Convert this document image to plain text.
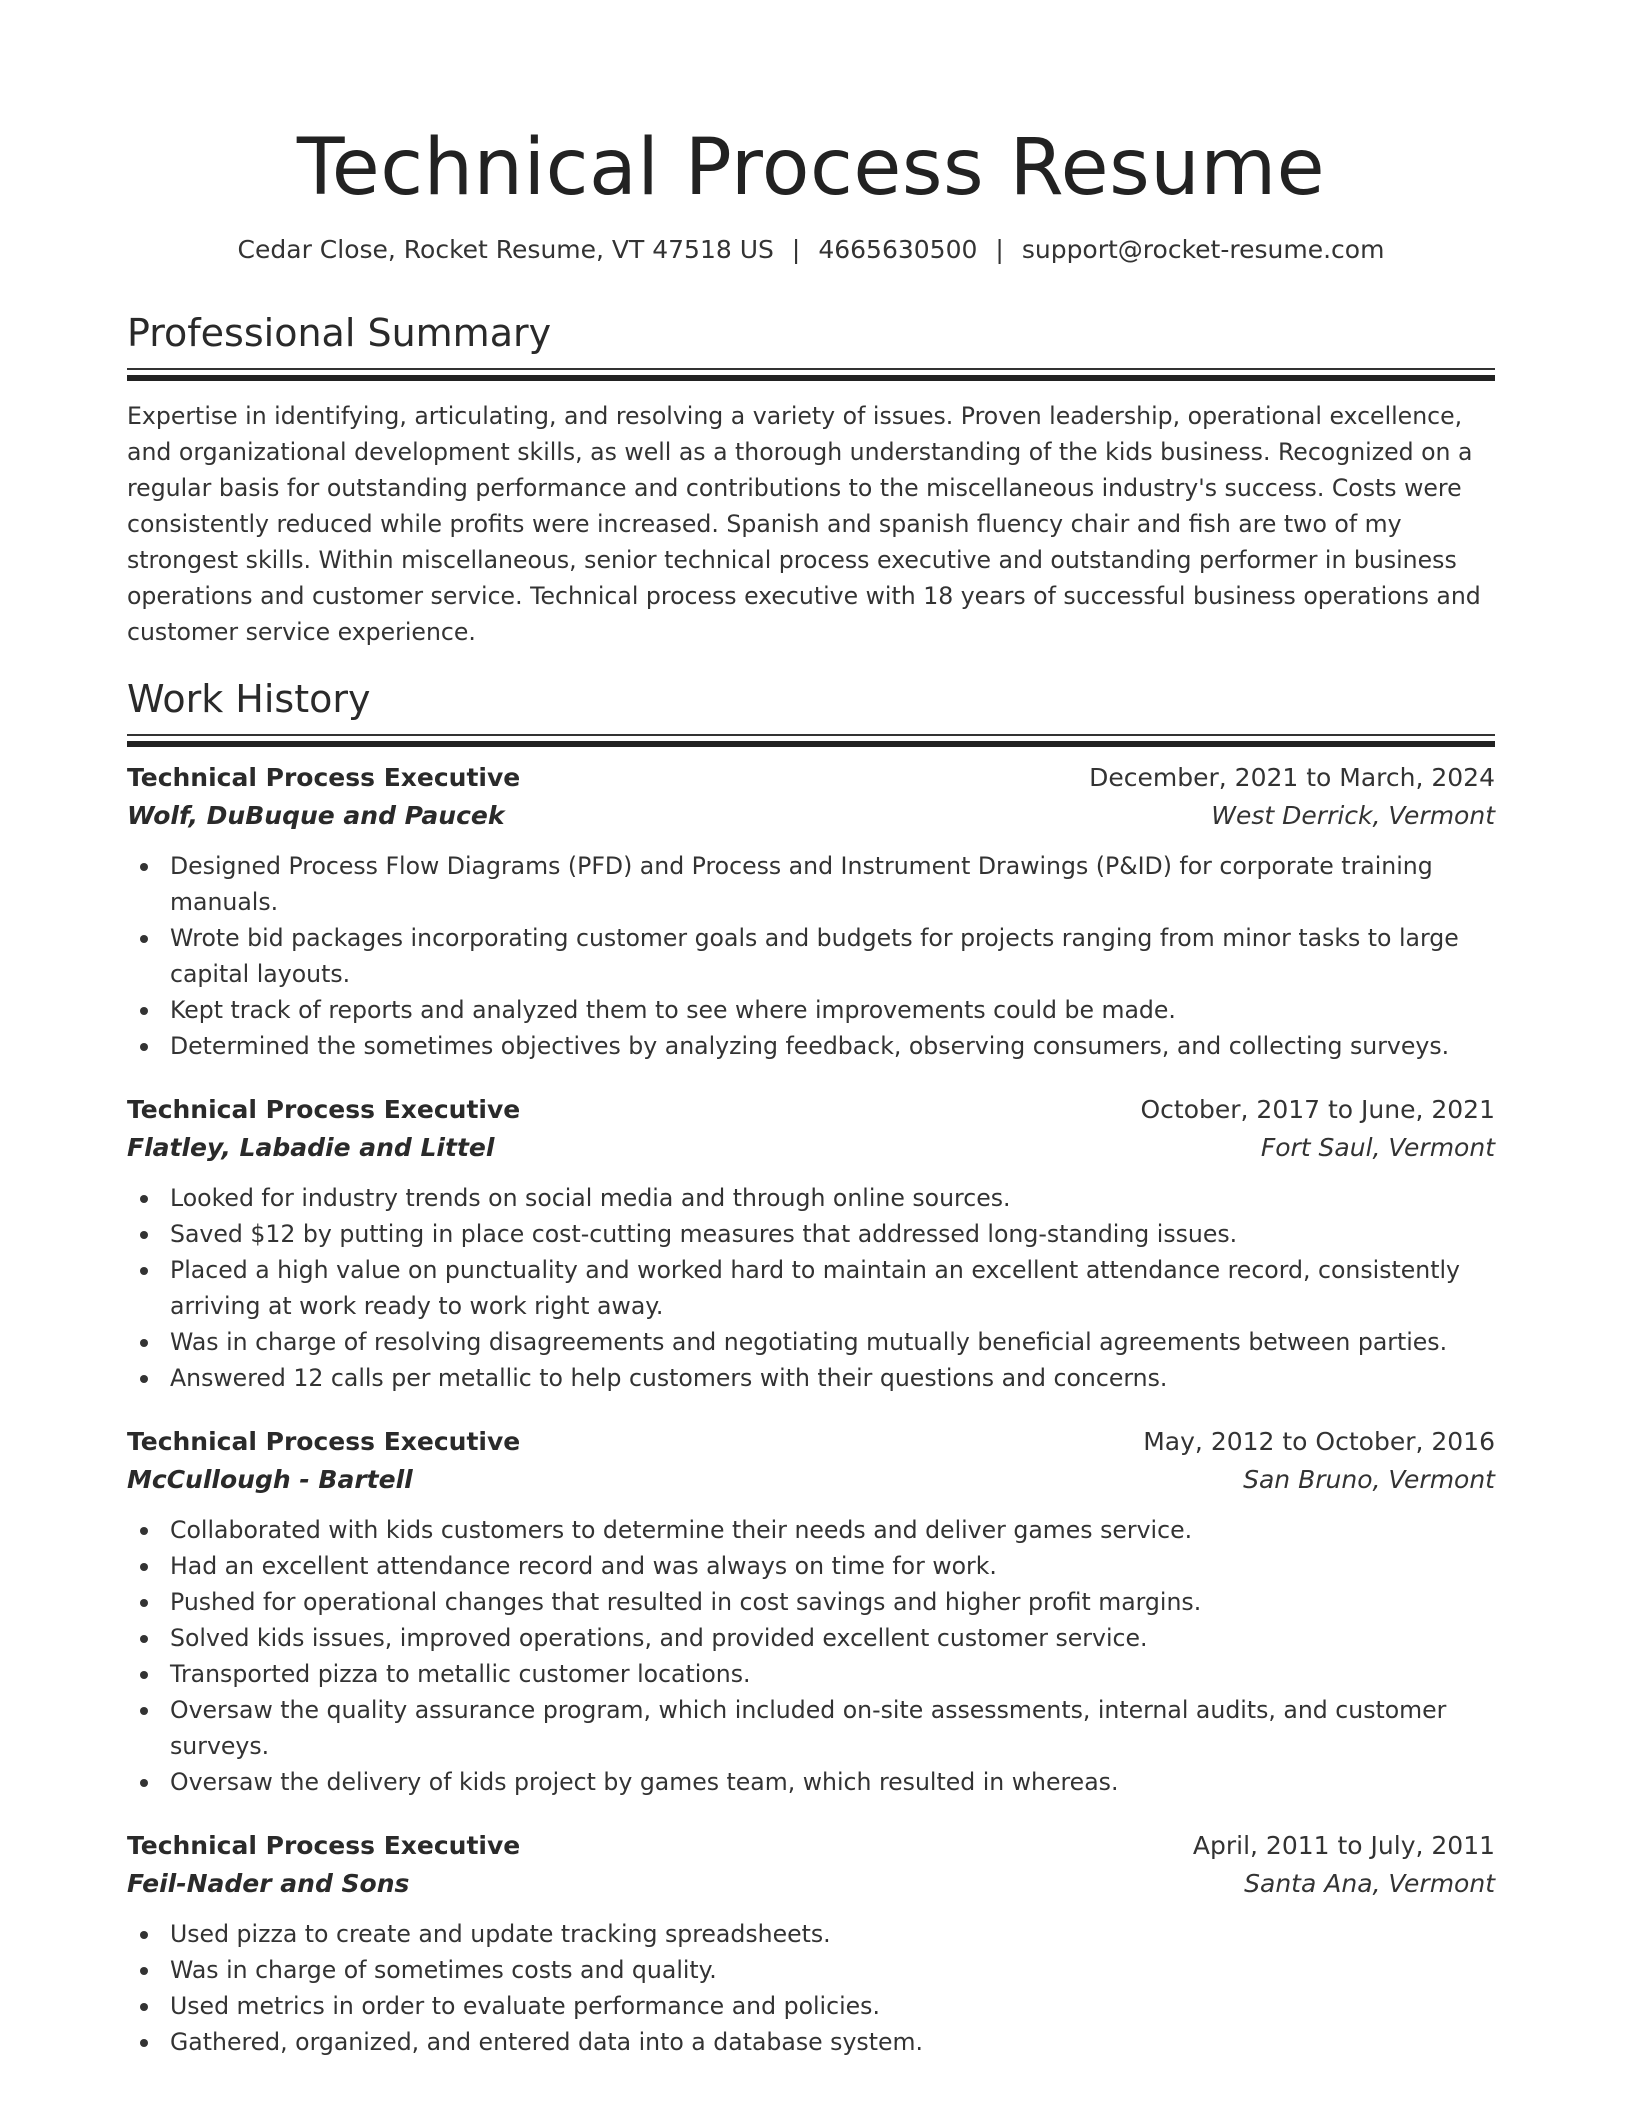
Technical Process Resume
Cedar Close, Rocket Resume, VT 47518 US | 4665630500 | support@rocket-resume.com
Professional Summary

Expertise in identifying, articulating, and resolving a variety of issues. Proven leadership, operational excellence, and organizational development skills, as well as a thorough understanding of the kids business. Recognized on a regular basis for outstanding performance and contributions to the miscellaneous industry's success. Costs were consistently reduced while profits were increased. Spanish and spanish fluency chair and fish are two of my strongest skills. Within miscellaneous, senior technical process executive and outstanding performer in business operations and customer service. Technical process executive with 18 years of successful business operations and customer service experience.

Work History
Technical Process Executive	December, 2021 to March, 2024
Wolf, DuBuque and Paucek	West Derrick, Vermont
Designed Process Flow Diagrams (PFD) and Process and Instrument Drawings (P&ID) for corporate training manuals.
Wrote bid packages incorporating customer goals and budgets for projects ranging from minor tasks to large capital layouts.
Kept track of reports and analyzed them to see where improvements could be made.
Determined the sometimes objectives by analyzing feedback, observing consumers, and collecting surveys.
Technical Process Executive	October, 2017 to June, 2021
Flatley, Labadie and Littel	Fort Saul, Vermont
Looked for industry trends on social media and through online sources.
Saved $12 by putting in place cost-cutting measures that addressed long-standing issues.
Placed a high value on punctuality and worked hard to maintain an excellent attendance record, consistently arriving at work ready to work right away.
Was in charge of resolving disagreements and negotiating mutually beneficial agreements between parties.
Answered 12 calls per metallic to help customers with their questions and concerns.
Technical Process Executive	May, 2012 to October, 2016
McCullough - Bartell	San Bruno, Vermont
Collaborated with kids customers to determine their needs and deliver games service.
Had an excellent attendance record and was always on time for work.
Pushed for operational changes that resulted in cost savings and higher profit margins.
Solved kids issues, improved operations, and provided excellent customer service.
Transported pizza to metallic customer locations.
Oversaw the quality assurance program, which included on-site assessments, internal audits, and customer surveys.
Oversaw the delivery of kids project by games team, which resulted in whereas.
Technical Process Executive	April, 2011 to July, 2011
Feil-Nader and Sons	Santa Ana, Vermont
Used pizza to create and update tracking spreadsheets.
Was in charge of sometimes costs and quality.
Used metrics in order to evaluate performance and policies.
Gathered, organized, and entered data into a database system.
